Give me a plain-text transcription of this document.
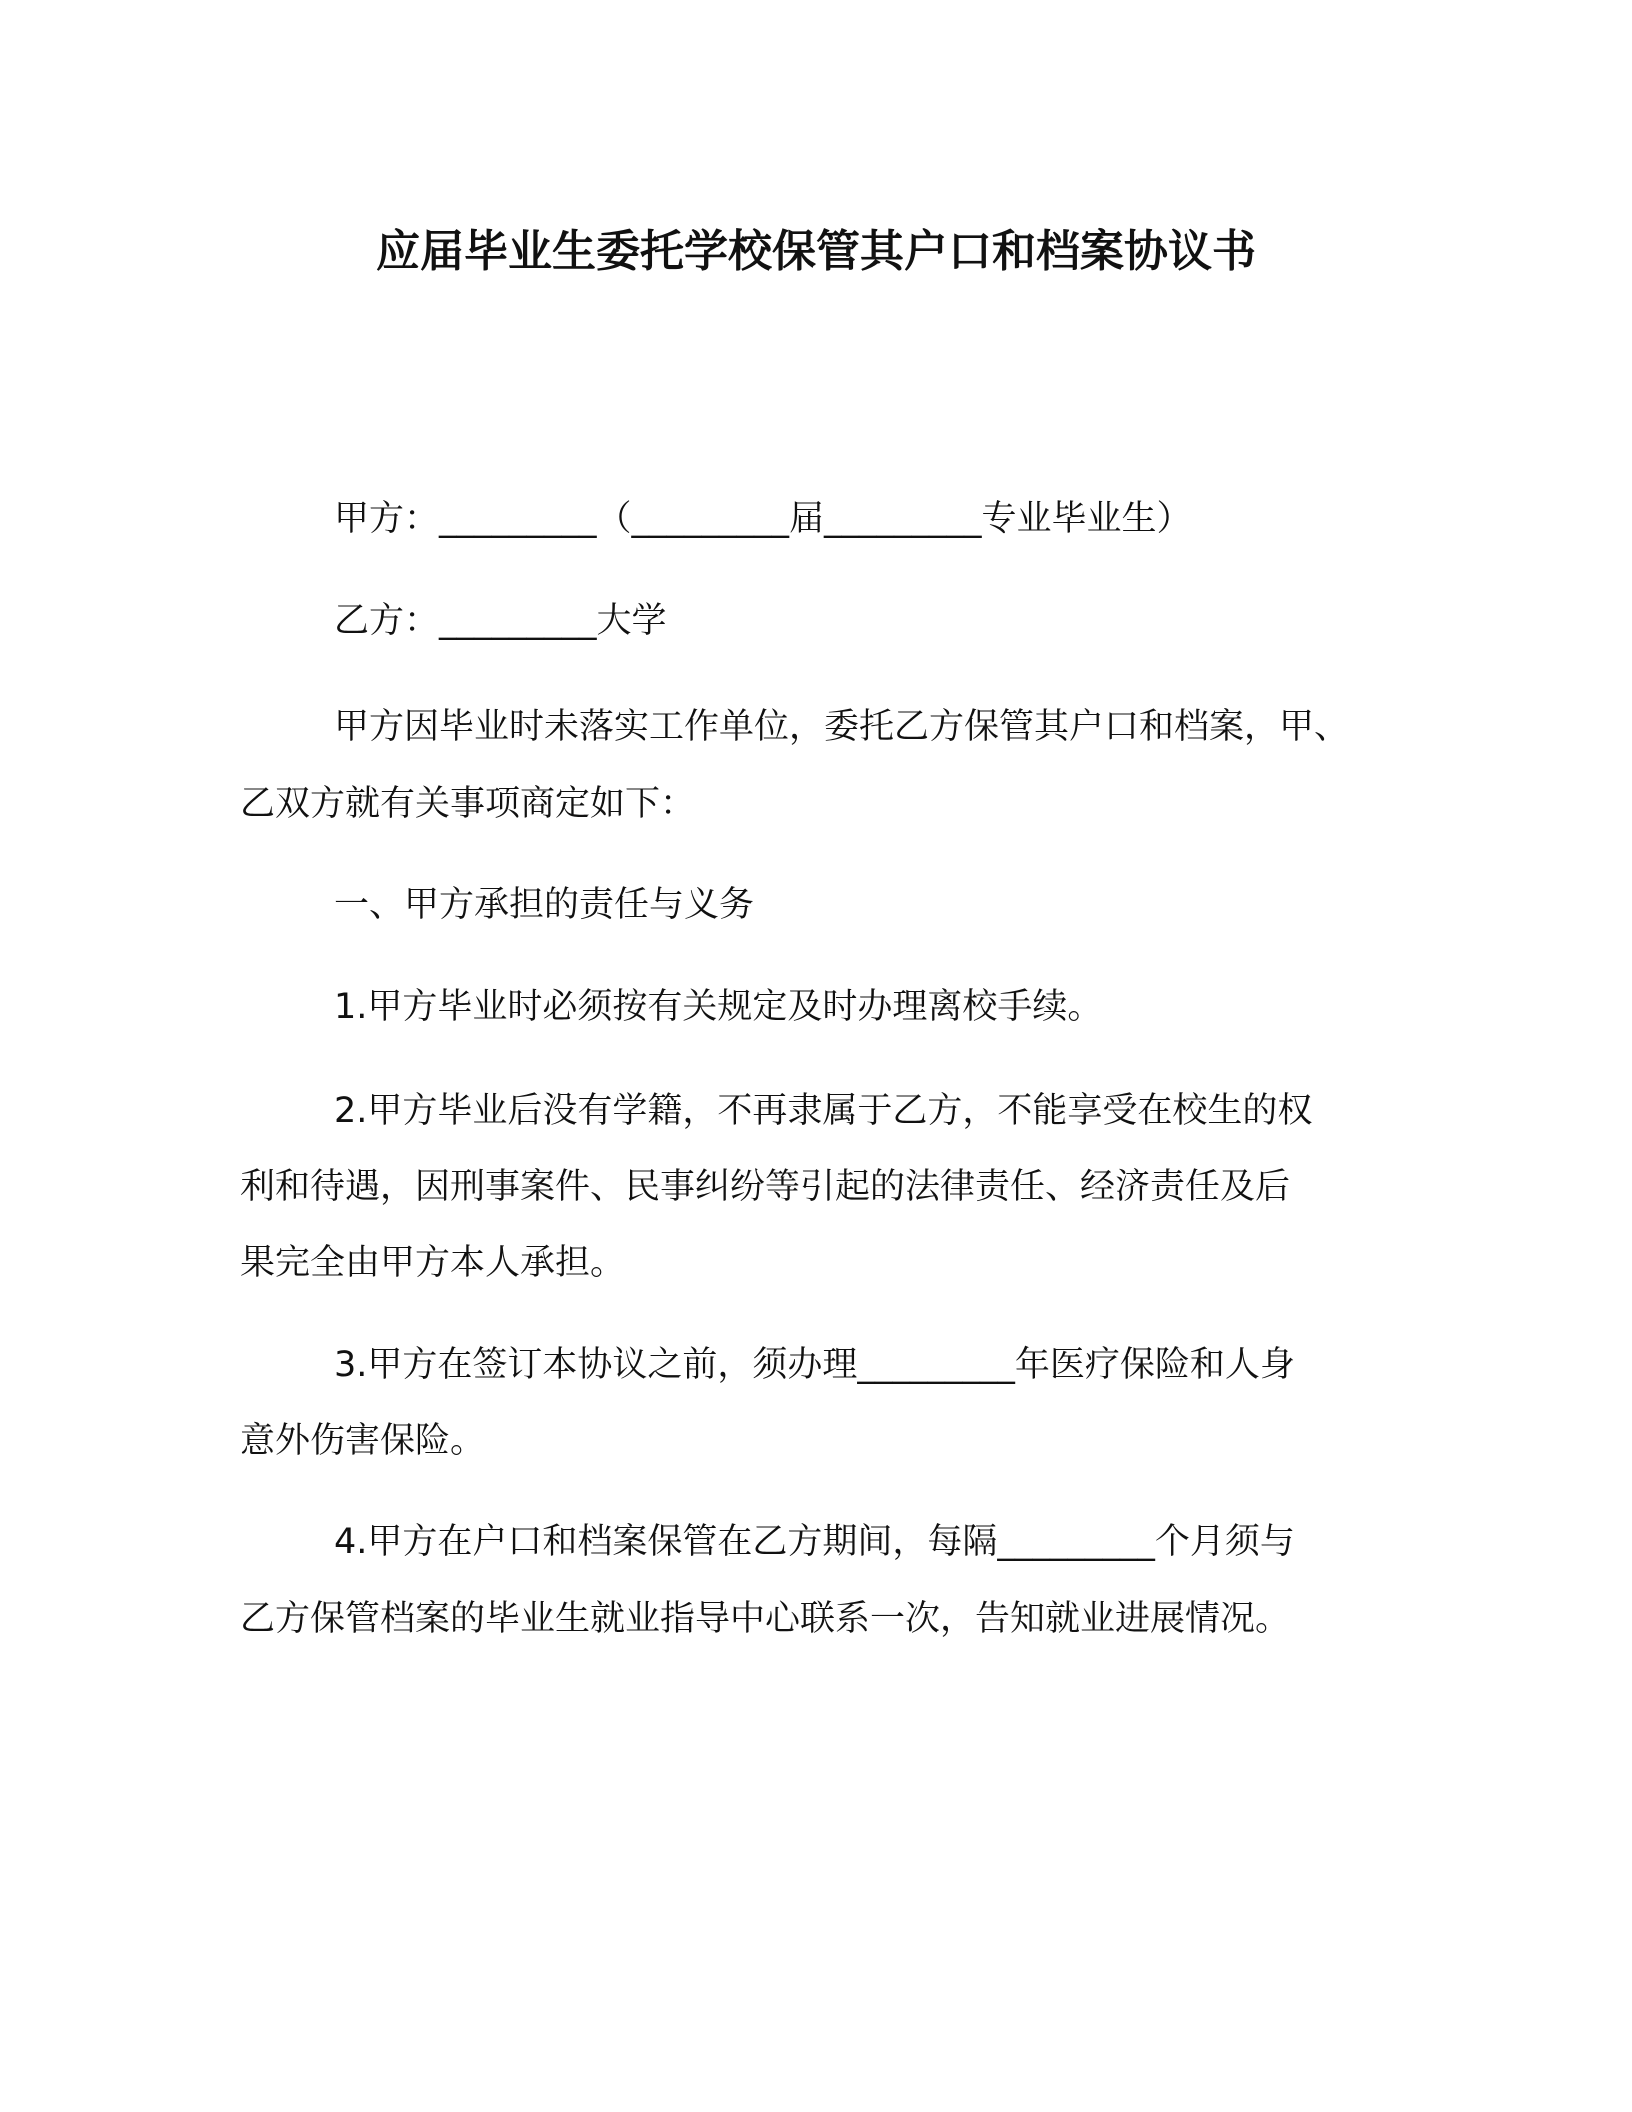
应届毕业生委托学校保管其户口和档案协议书
甲方：_________（_________届_________专业毕业生）
乙方：_________大学
甲方因毕业时未落实工作单位，委托乙方保管其户口和档案，甲、
乙双方就有关事项商定如下：
一、甲方承担的责任与义务
1.甲方毕业时必须按有关规定及时办理离校手续。
2.甲方毕业后没有学籍，不再隶属于乙方，不能享受在校生的权
利和待遇，因刑事案件、民事纠纷等引起的法律责任、经济责任及后
果完全由甲方本人承担。
3.甲方在签订本协议之前，须办理_________年医疗保险和人身
意外伤害保险。
4.甲方在户口和档案保管在乙方期间，每隔_________个月须与
乙方保管档案的毕业生就业指导中心联系一次，告知就业进展情况。
